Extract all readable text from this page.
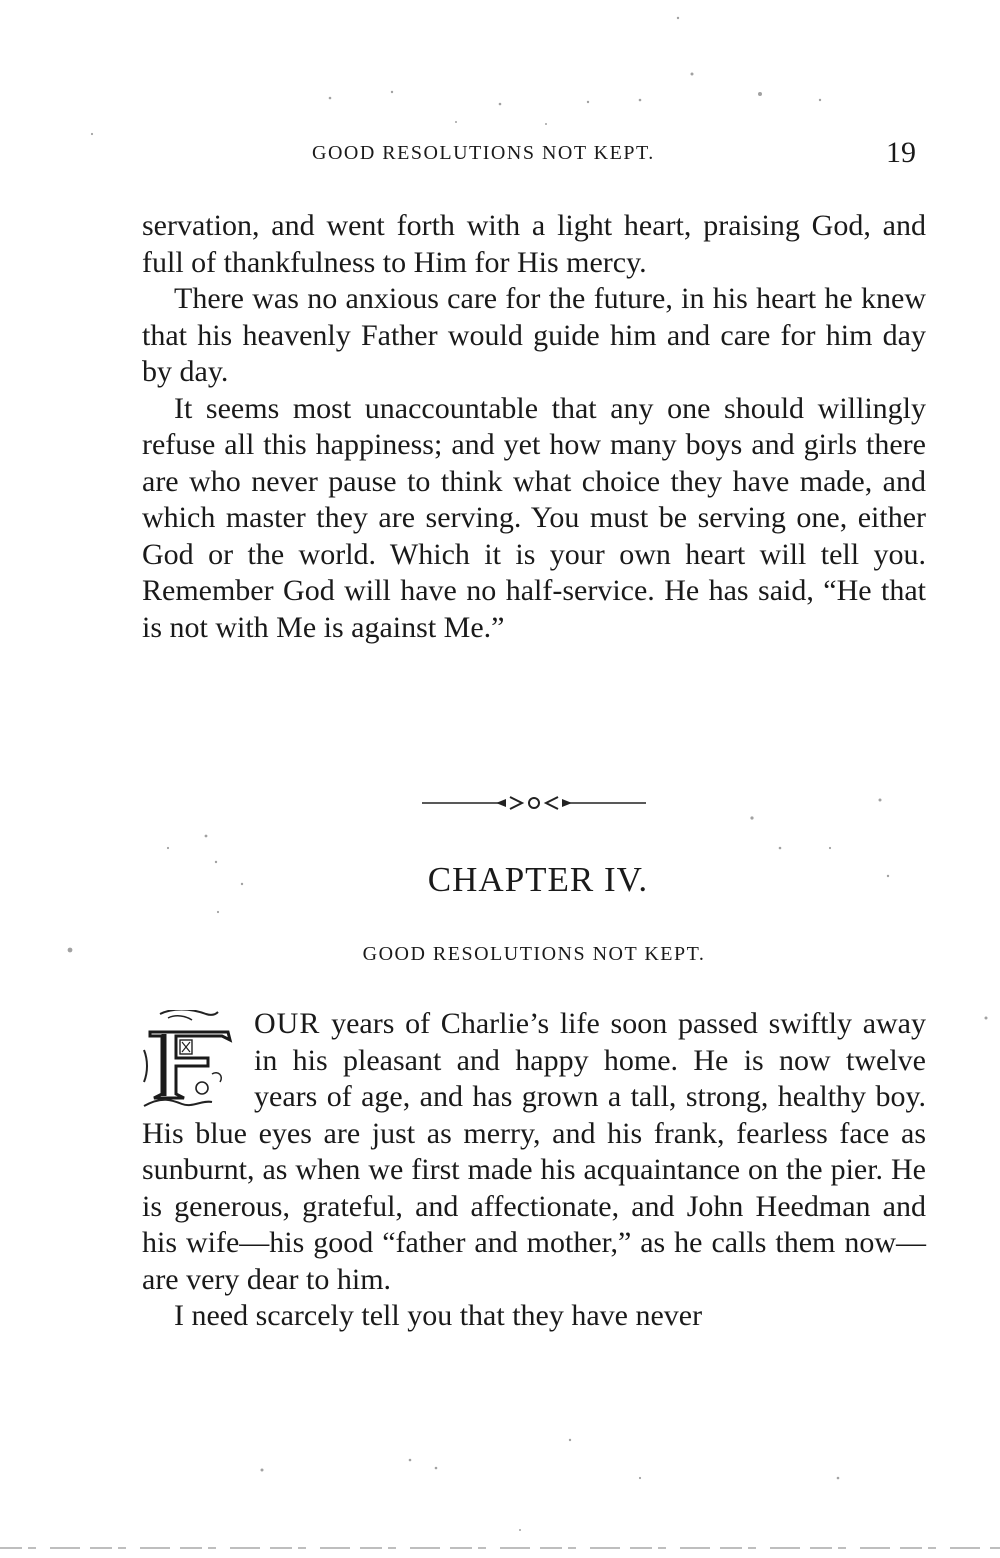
GOOD RESOLUTIONS NOT KEPT.	19

servation, and went forth with a light heart, praising God, and full of thankfulness to Him for His mercy.

There was no anxious care for the future, in his heart he knew that his heavenly Father would guide him and care for him day by day.

It seems most unaccountable that any one should willingly refuse all this happiness; and yet how many boys and girls there are who never pause to think what choice they have made, and which master they are serving. You must be serving one, either God or the world. Which it is your own heart will tell you. Remember God will have no half-service. He has said, “He that is not with Me is against Me.”

CHAPTER IV.
GOOD RESOLUTIONS NOT KEPT.

OUR years of Charlie’s life soon passed swiftly away in his pleasant and happy home. He is now twelve years of age, and has grown a tall, strong, healthy boy. His blue eyes are just as merry, and his frank, fearless face as sunburnt, as when we first made his acquaintance on the pier. He is generous, grateful, and affectionate, and John Heedman and his wife—his good “father and mother,” as he calls them now—are very dear to him.

I need scarcely tell you that they have never
